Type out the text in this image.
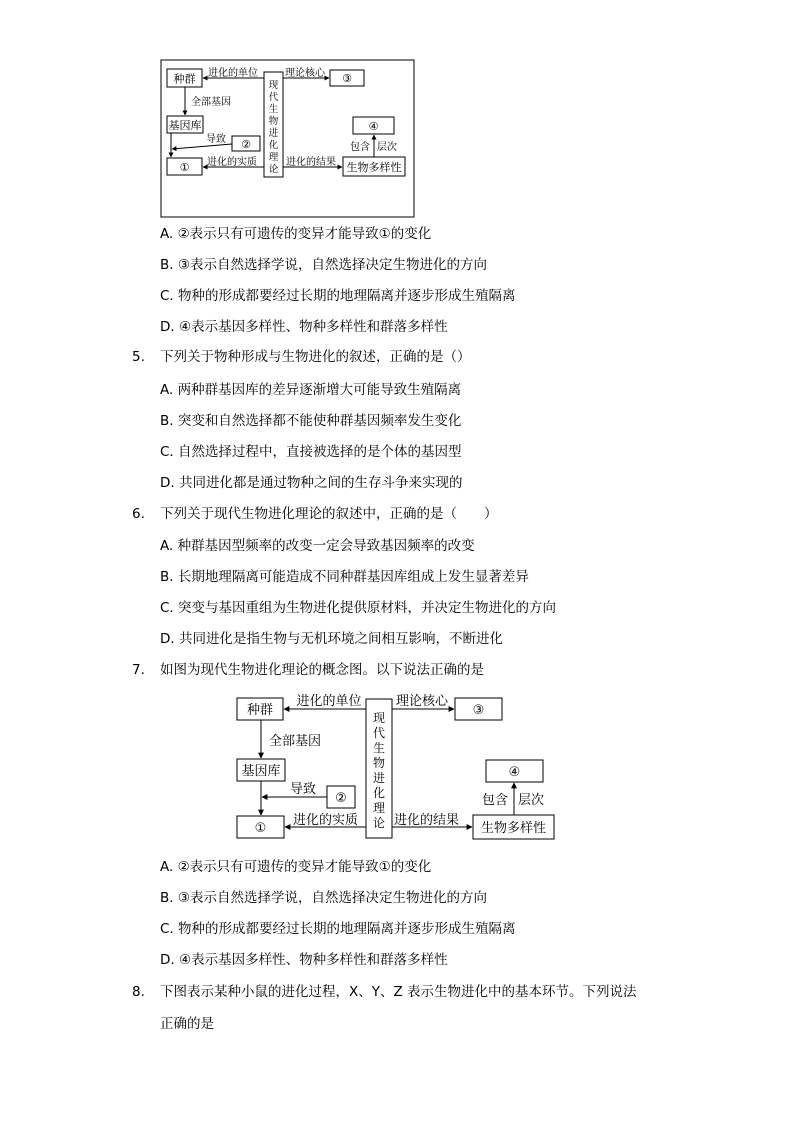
种群
基因库
②
①
现
代
生
物
进
化
理
论
③
④
生物多样性
进化的单位	理论核心
全部基因
导致
进化的实质	进化的结果
包含 层次
A. ②表示只有可遗传的变异才能导致①的变化
B. ③表示自然选择学说，自然选择决定生物进化的方向
C. 物种的形成都要经过长期的地理隔离并逐步形成生殖隔离
D. ④表示基因多样性、物种多样性和群落多样性
5. 下列关于物种形成与生物进化的叙述，正确的是（）
A. 两种群基因库的差异逐渐增大可能导致生殖隔离
B. 突变和自然选择都不能使种群基因频率发生变化
C. 自然选择过程中，直接被选择的是个体的基因型
D. 共同进化都是通过物种之间的生存斗争来实现的
6. 下列关于现代生物进化理论的叙述中，正确的是（　　）
A. 种群基因型频率的改变一定会导致基因频率的改变
B. 长期地理隔离可能造成不同种群基因库组成上发生显著差异
C. 突变与基因重组为生物进化提供原材料，并决定生物进化的方向
D. 共同进化是指生物与无机环境之间相互影响，不断进化
7. 如图为现代生物进化理论的概念图。以下说法正确的是
种群
基因库
②
①
现
代
生
物
进
化
理
论
③
④
生物多样性
进化的单位	理论核心
全部基因
导致
进化的实质	进化的结果
包含 层次
A. ②表示只有可遗传的变异才能导致①的变化
B. ③表示自然选择学说，自然选择决定生物进化的方向
C. 物种的形成都要经过长期的地理隔离并逐步形成生殖隔离
D. ④表示基因多样性、物种多样性和群落多样性
8. 下图表示某种小鼠的进化过程，X、Y、Z 表示生物进化中的基本环节。下列说法
正确的是
